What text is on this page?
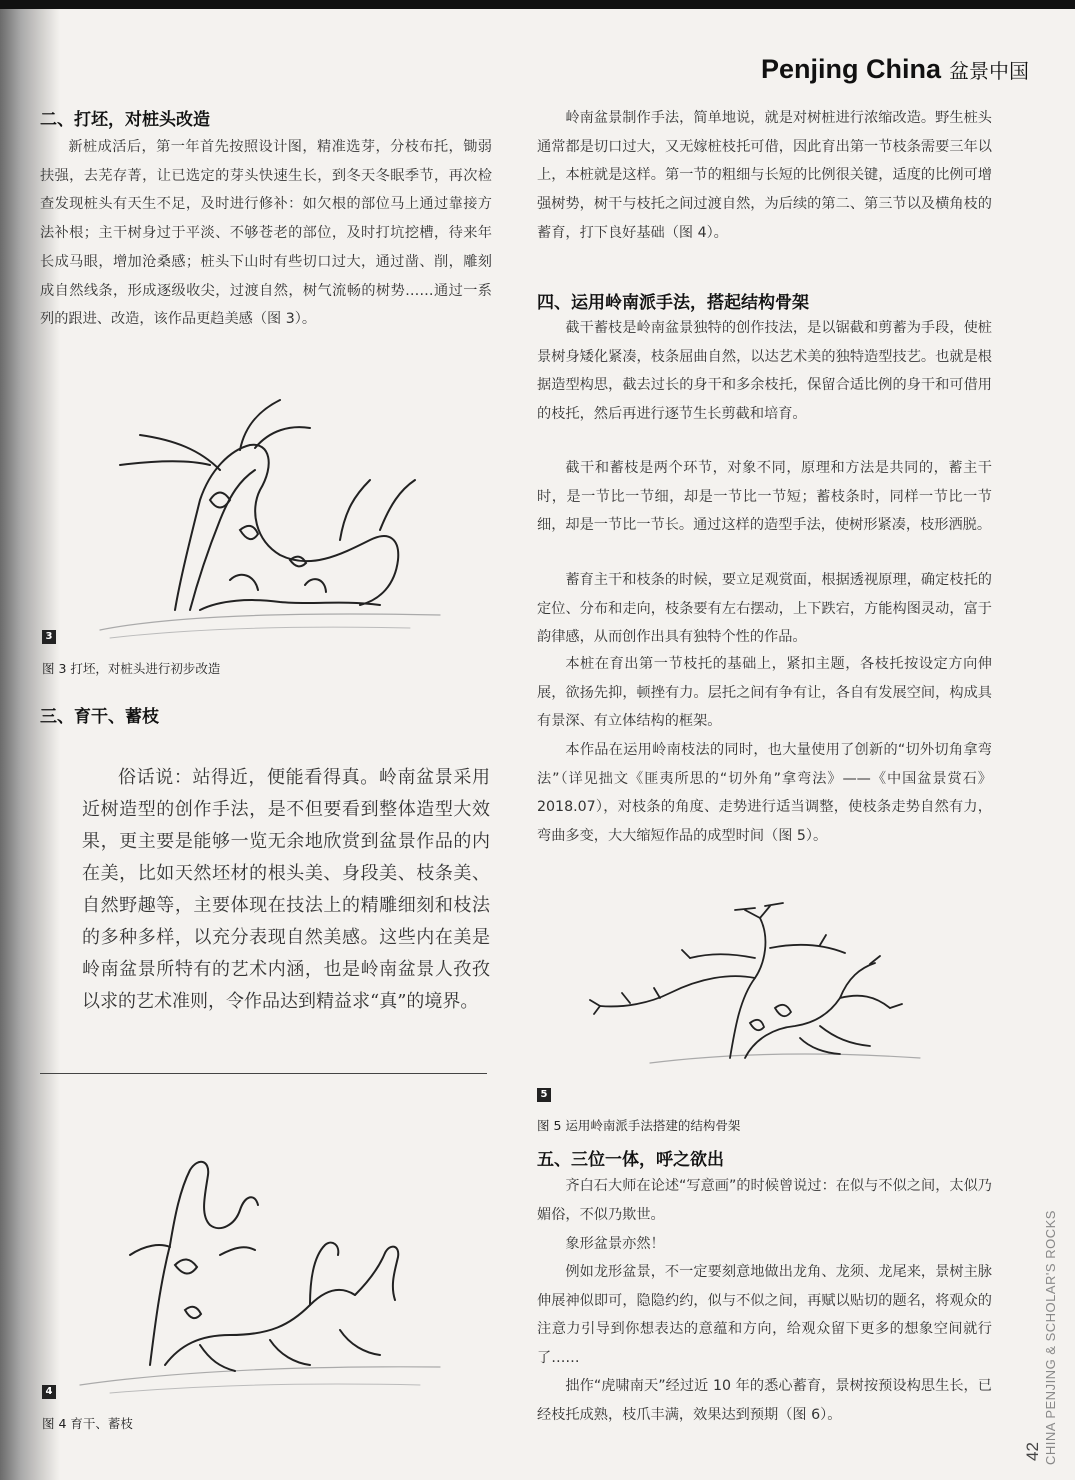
Penjing China 盆景中国
二、打坯，对桩头改造

新桩成活后，第一年首先按照设计图，精准选芽，分枝布托，锄弱扶强，去芜存菁，让已选定的芽头快速生长，到冬天冬眠季节，再次检查发现桩头有天生不足，及时进行修补：如欠根的部位马上通过靠接方法补根；主干树身过于平淡、不够苍老的部位，及时打坑挖槽，待来年长成马眼，增加沧桑感；桩头下山时有些切口过大，通过凿、削，雕刻成自然线条，形成逐级收尖，过渡自然，树气流畅的树势……通过一系列的跟进、改造，该作品更趋美感（图 3）。

3
图 3 打坯，对桩头进行初步改造
三、育干、蓄枝

俗话说：站得近，便能看得真。岭南盆景采用近树造型的创作手法，是不但要看到整体造型大效果，更主要是能够一览无余地欣赏到盆景作品的内在美，比如天然坯材的根头美、身段美、枝条美、自然野趣等，主要体现在技法上的精雕细刻和枝法的多种多样，以充分表现自然美感。这些内在美是岭南盆景所特有的艺术内涵，也是岭南盆景人孜孜以求的艺术准则，令作品达到精益求“真”的境界。

4
图 4 育干、蓄枝

岭南盆景制作手法，简单地说，就是对树桩进行浓缩改造。野生桩头通常都是切口过大，又无嫁桩枝托可借，因此育出第一节枝条需要三年以上，本桩就是这样。第一节的粗细与长短的比例很关键，适度的比例可增强树势，树干与枝托之间过渡自然，为后续的第二、第三节以及横角枝的蓄育，打下良好基础（图 4）。

四、运用岭南派手法，搭起结构骨架

截干蓄枝是岭南盆景独特的创作技法，是以锯截和剪蓄为手段，使桩景树身矮化紧凑，枝条屈曲自然，以达艺术美的独特造型技艺。也就是根据造型构思，截去过长的身干和多余枝托，保留合适比例的身干和可借用的枝托，然后再进行逐节生长剪截和培育。

截干和蓄枝是两个环节，对象不同，原理和方法是共同的，蓄主干时，是一节比一节细，却是一节比一节短；蓄枝条时，同样一节比一节细，却是一节比一节长。通过这样的造型手法，使树形紧凑，枝形洒脱。

蓄育主干和枝条的时候，要立足观赏面，根据透视原理，确定枝托的定位、分布和走向，枝条要有左右摆动，上下跌宕，方能构图灵动，富于韵律感，从而创作出具有独特个性的作品。

本桩在育出第一节枝托的基础上，紧扣主题，各枝托按设定方向伸展，欲扬先抑，顿挫有力。层托之间有争有让，各自有发展空间，构成具有景深、有立体结构的框架。

本作品在运用岭南枝法的同时，也大量使用了创新的“切外切角拿弯法”（详见拙文《匪夷所思的“切外角”拿弯法》——《中国盆景赏石》2018.07），对枝条的角度、走势进行适当调整，使枝条走势自然有力，弯曲多变，大大缩短作品的成型时间（图 5）。

5
图 5 运用岭南派手法搭建的结构骨架
五、三位一体，呼之欲出

齐白石大师在论述“写意画”的时候曾说过：在似与不似之间，太似乃媚俗，不似乃欺世。

象形盆景亦然！

例如龙形盆景，不一定要刻意地做出龙角、龙须、龙尾来，景树主脉伸展神似即可，隐隐约约，似与不似之间，再赋以贴切的题名，将观众的注意力引导到你想表达的意蕴和方向，给观众留下更多的想象空间就行了……

拙作“虎啸南天”经过近 10 年的悉心蓄育，景树按预设构思生长，已经枝托成熟，枝爪丰满，效果达到预期（图 6）。	CHINA PENJING & SCHOLAR'S ROCKS
42
